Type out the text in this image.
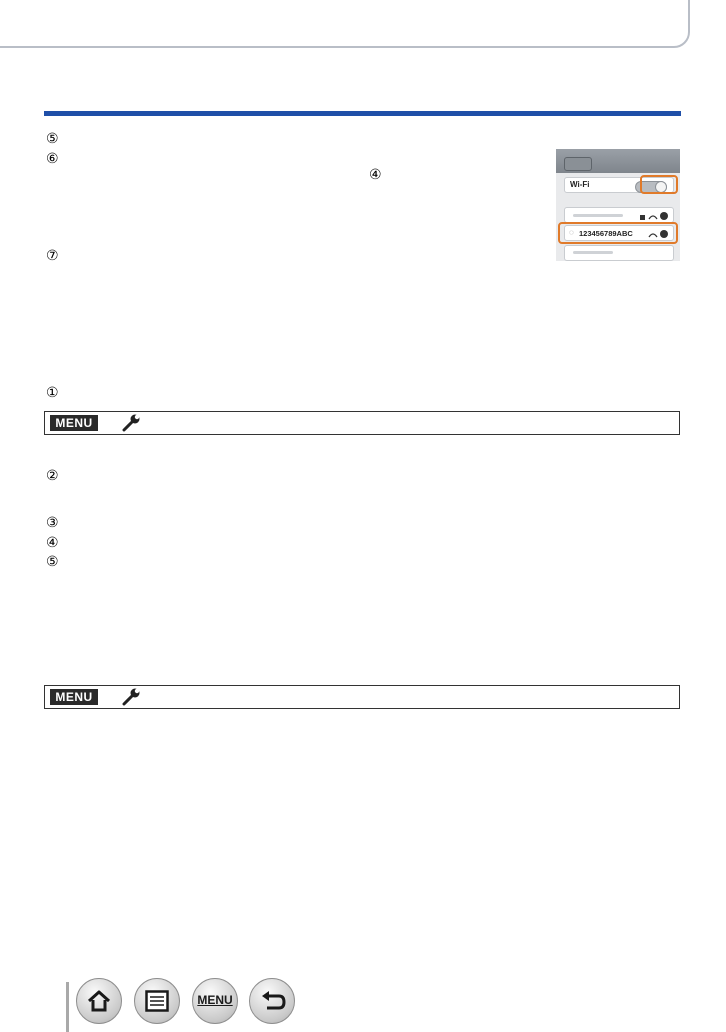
⑤
⑥
④
⑦
Wi-Fi
◌ 123456789ABC
①
MENU
②
③
④
⑤
MENU
MENU
